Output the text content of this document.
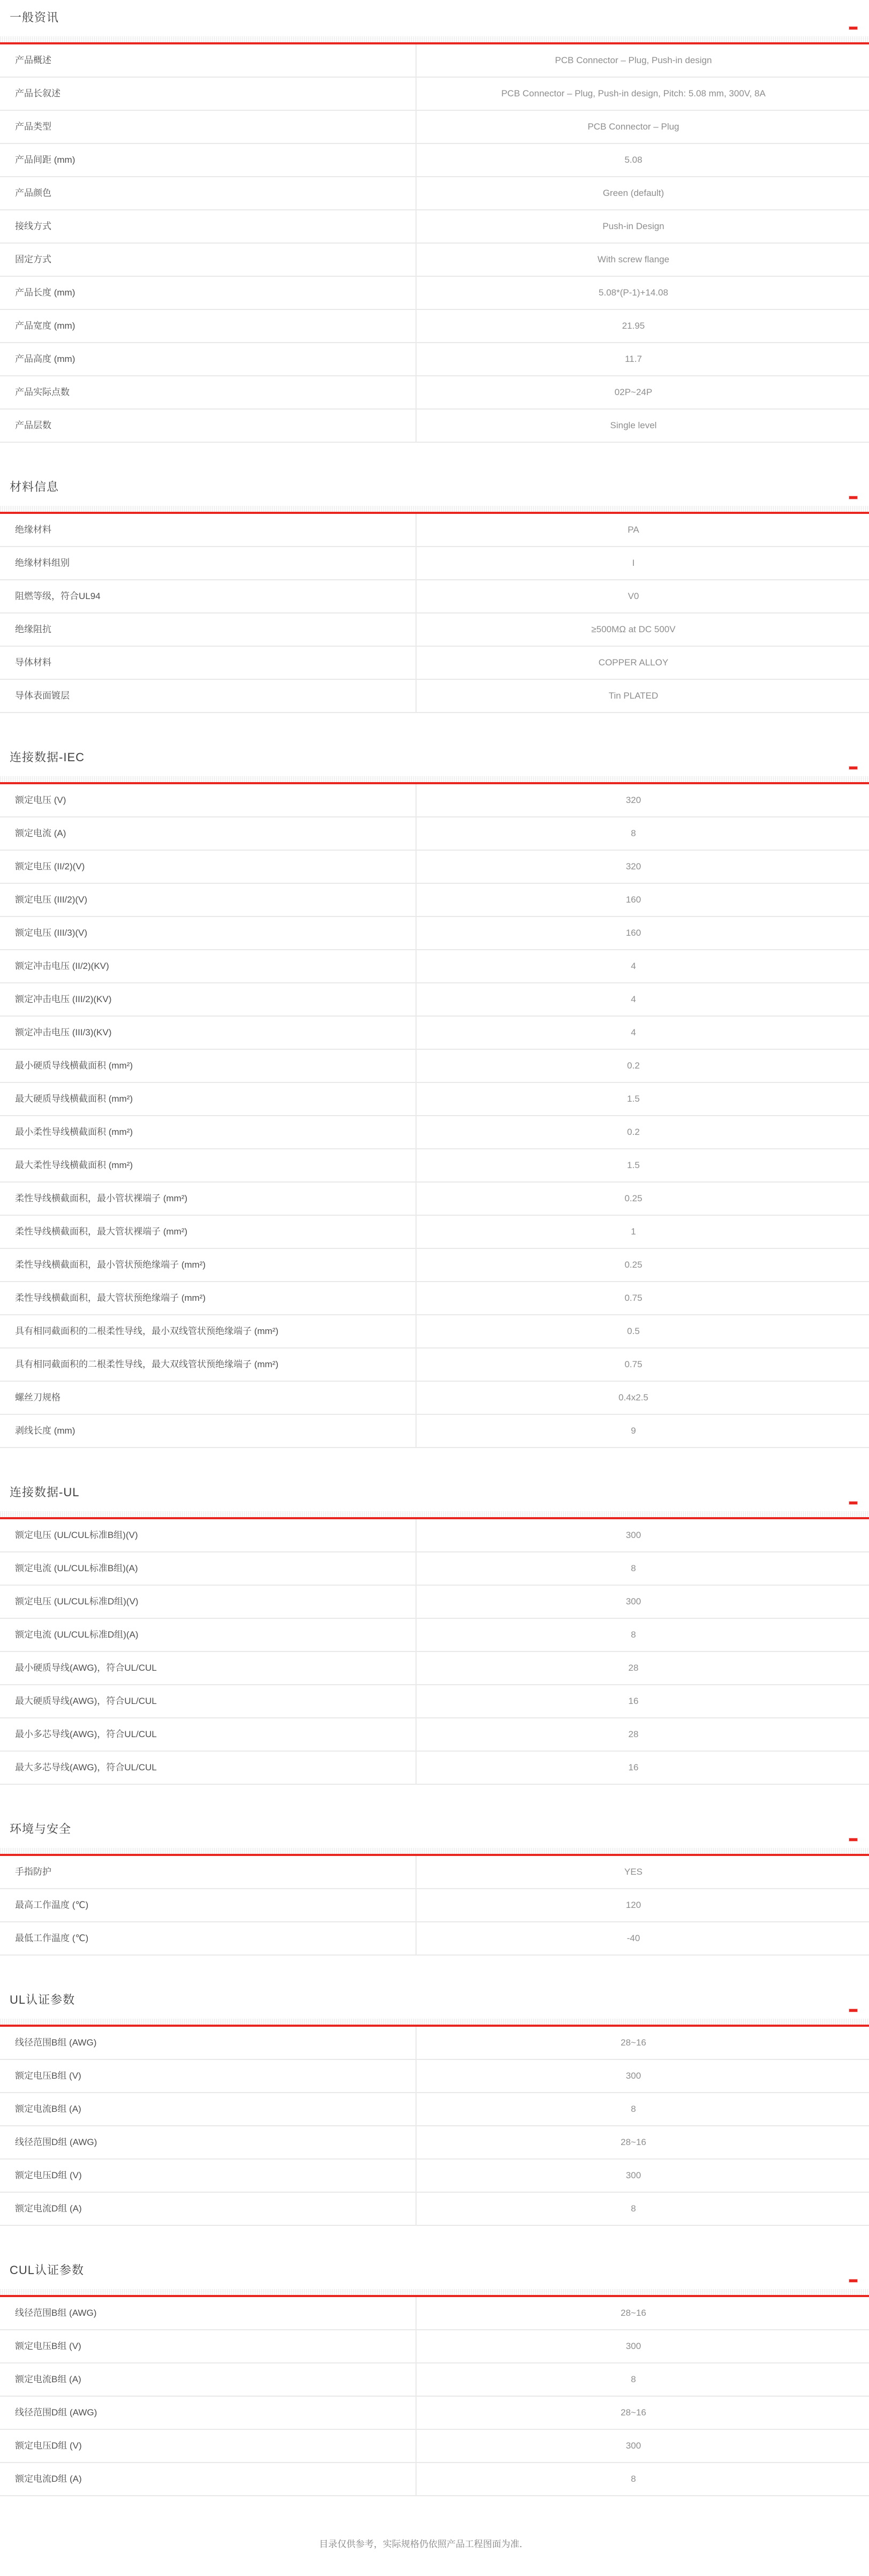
一般资讯
产品概述	PCB Connector – Plug, Push-in design
产品长叙述	PCB Connector – Plug, Push-in design, Pitch: 5.08 mm, 300V, 8A
产品类型	PCB Connector – Plug
产品间距 (mm)	5.08
产品颜色	Green (default)
接线方式	Push-in Design
固定方式	With screw flange
产品长度 (mm)	5.08*(P-1)+14.08
产品宽度 (mm)	21.95
产品高度 (mm)	11.7
产品实际点数	02P~24P
产品层数	Single level
材料信息
绝缘材料	PA
绝缘材料组别	I
阻燃等级，符合UL94	V0
绝缘阻抗	≥500MΩ at DC 500V
导体材料	COPPER ALLOY
导体表面镀层	Tin PLATED
连接数据-IEC
额定电压 (V)	320
额定电流 (A)	8
额定电压 (II/2)(V)	320
额定电压 (III/2)(V)	160
额定电压 (III/3)(V)	160
额定冲击电压 (II/2)(KV)	4
额定冲击电压 (III/2)(KV)	4
额定冲击电压 (III/3)(KV)	4
最小硬质导线横截面积 (mm²)	0.2
最大硬质导线横截面积 (mm²)	1.5
最小柔性导线横截面积 (mm²)	0.2
最大柔性导线横截面积 (mm²)	1.5
柔性导线横截面积，最小管状裸端子 (mm²)	0.25
柔性导线横截面积，最大管状裸端子 (mm²)	1
柔性导线横截面积，最小管状预绝缘端子 (mm²)	0.25
柔性导线横截面积，最大管状预绝缘端子 (mm²)	0.75
具有相同截面积的二根柔性导线，最小双线管状预绝缘端子 (mm²)	0.5
具有相同截面积的二根柔性导线，最大双线管状预绝缘端子 (mm²)	0.75
螺丝刀规格	0.4x2.5
剥线长度 (mm)	9
连接数据-UL
额定电压 (UL/CUL标准B组)(V)	300
额定电流 (UL/CUL标准B组)(A)	8
额定电压 (UL/CUL标准D组)(V)	300
额定电流 (UL/CUL标准D组)(A)	8
最小硬质导线(AWG)，符合UL/CUL	28
最大硬质导线(AWG)，符合UL/CUL	16
最小多芯导线(AWG)，符合UL/CUL	28
最大多芯导线(AWG)，符合UL/CUL	16
环境与安全
手指防护	YES
最高工作温度 (℃)	120
最低工作温度 (℃)	-40
UL认证参数
线径范围B组 (AWG)	28~16
额定电压B组 (V)	300
额定电流B组 (A)	8
线径范围D组 (AWG)	28~16
额定电压D组 (V)	300
额定电流D组 (A)	8
CUL认证参数
线径范围B组 (AWG)	28~16
额定电压B组 (V)	300
额定电流B组 (A)	8
线径范围D组 (AWG)	28~16
额定电压D组 (V)	300
额定电流D组 (A)	8
目录仅供参考，实际规格仍依照产品工程图面为准．
